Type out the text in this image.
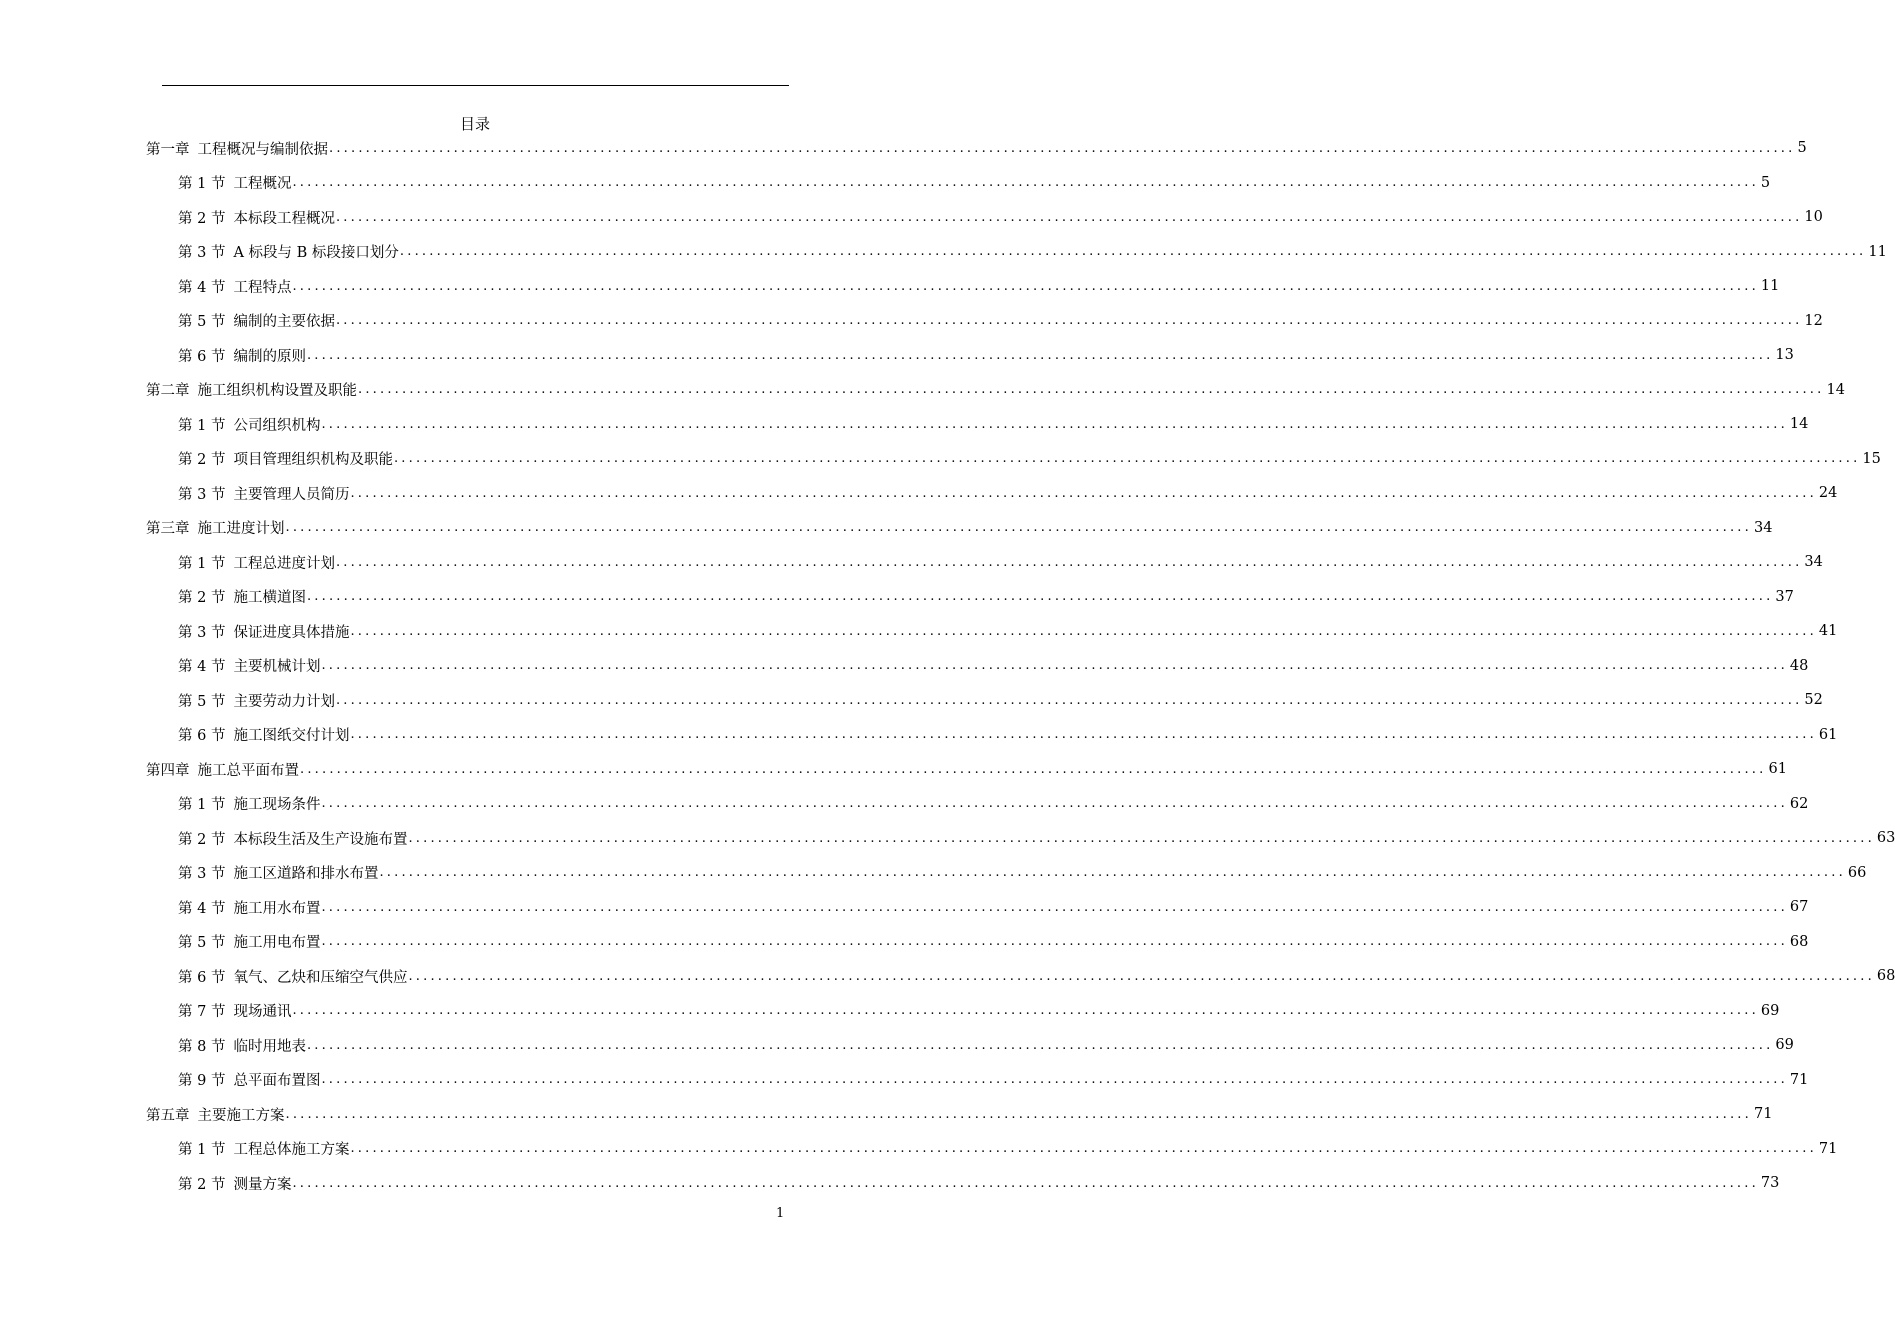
目录
第一章 工程概况与编制依据 ........................................................................................................................................................................................................ 5
第 1 节 工程概况 ........................................................................................................................................................................................................ 5
第 2 节 本标段工程概况 ........................................................................................................................................................................................................ 10
第 3 节 A 标段与 B 标段接口划分 ........................................................................................................................................................................................................ 11
第 4 节 工程特点 ........................................................................................................................................................................................................ 11
第 5 节 编制的主要依据 ........................................................................................................................................................................................................ 12
第 6 节 编制的原则 ........................................................................................................................................................................................................ 13
第二章 施工组织机构设置及职能 ........................................................................................................................................................................................................ 14
第 1 节 公司组织机构 ........................................................................................................................................................................................................ 14
第 2 节 项目管理组织机构及职能 ........................................................................................................................................................................................................ 15
第 3 节 主要管理人员简历 ........................................................................................................................................................................................................ 24
第三章 施工进度计划 ........................................................................................................................................................................................................ 34
第 1 节 工程总进度计划 ........................................................................................................................................................................................................ 34
第 2 节 施工横道图 ........................................................................................................................................................................................................ 37
第 3 节 保证进度具体措施 ........................................................................................................................................................................................................ 41
第 4 节 主要机械计划 ........................................................................................................................................................................................................ 48
第 5 节 主要劳动力计划 ........................................................................................................................................................................................................ 52
第 6 节 施工图纸交付计划 ........................................................................................................................................................................................................ 61
第四章 施工总平面布置 ........................................................................................................................................................................................................ 61
第 1 节 施工现场条件 ........................................................................................................................................................................................................ 62
第 2 节 本标段生活及生产设施布置 ........................................................................................................................................................................................................ 63
第 3 节 施工区道路和排水布置 ........................................................................................................................................................................................................ 66
第 4 节 施工用水布置 ........................................................................................................................................................................................................ 67
第 5 节 施工用电布置 ........................................................................................................................................................................................................ 68
第 6 节 氧气、乙炔和压缩空气供应 ........................................................................................................................................................................................................ 68
第 7 节 现场通讯 ........................................................................................................................................................................................................ 69
第 8 节 临时用地表 ........................................................................................................................................................................................................ 69
第 9 节 总平面布置图 ........................................................................................................................................................................................................ 71
第五章 主要施工方案 ........................................................................................................................................................................................................ 71
第 1 节 工程总体施工方案 ........................................................................................................................................................................................................ 71
第 2 节 测量方案 ........................................................................................................................................................................................................ 73
1
